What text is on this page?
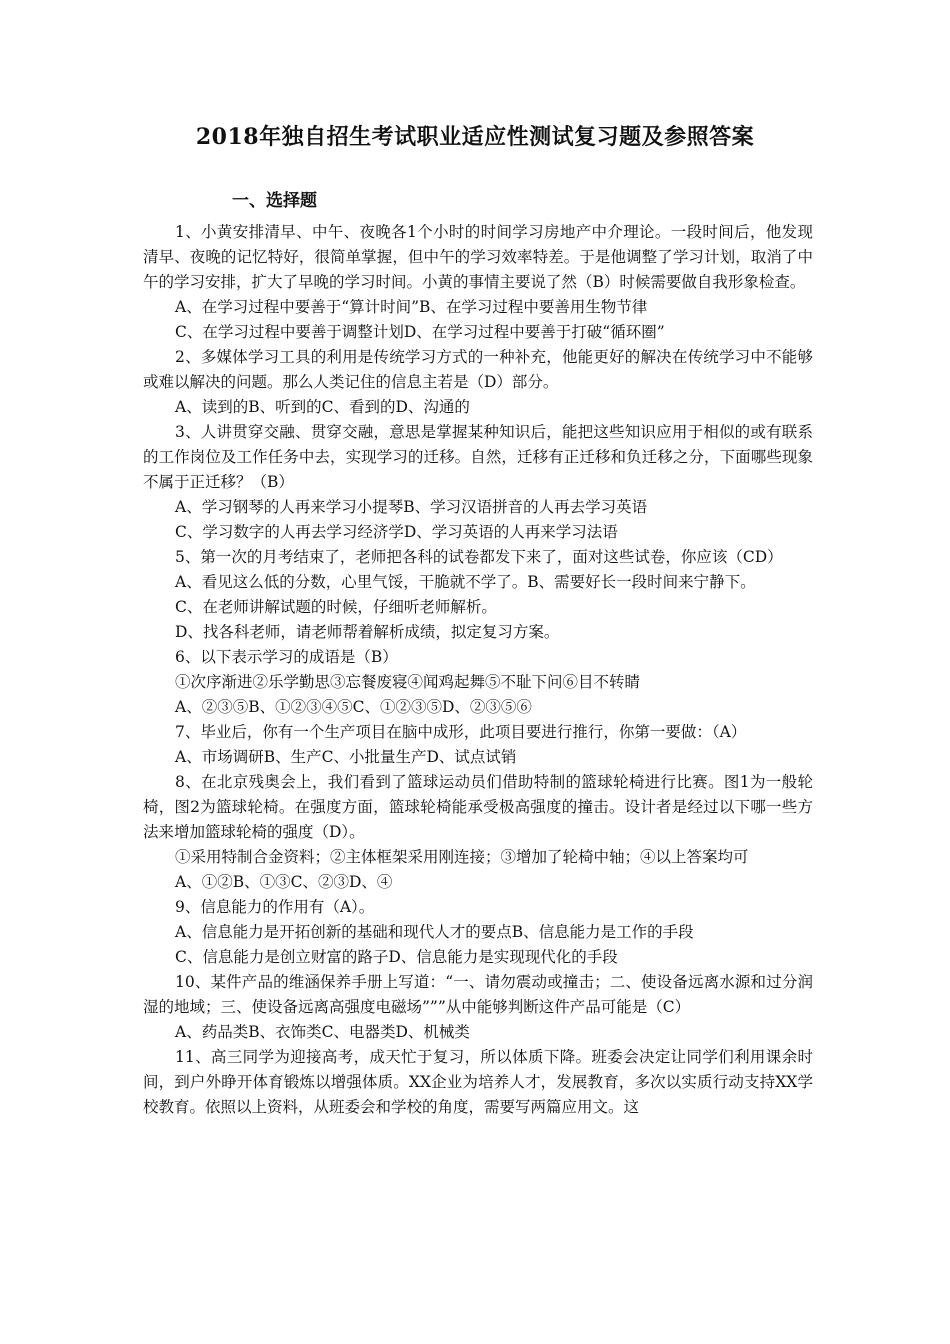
2018年独自招生考试职业适应性测试复习题及参照答案
一、选择题

1、小黄安排清早、中午、夜晚各1个小时的时间学习房地产中介理论。一段时间后，他发现清早、夜晚的记忆特好，很简单掌握，但中午的学习效率特差。于是他调整了学习计划，取消了中午的学习安排，扩大了早晚的学习时间。小黄的事情主要说了然（B）时候需要做自我形象检查。

A、在学习过程中要善于“算计时间”B、在学习过程中要善用生物节律

C、在学习过程中要善于调整计划D、在学习过程中要善于打破“循环圈”

2、多媒体学习工具的利用是传统学习方式的一种补充，他能更好的解决在传统学习中不能够或难以解决的问题。那么人类记住的信息主若是（D）部分。

A、读到的B、听到的C、看到的D、沟通的

3、人讲贯穿交融、贯穿交融，意思是掌握某种知识后，能把这些知识应用于相似的或有联系的工作岗位及工作任务中去，实现学习的迁移。自然，迁移有正迁移和负迁移之分，下面哪些现象不属于正迁移？（B）

A、学习钢琴的人再来学习小提琴B、学习汉语拼音的人再去学习英语

C、学习数字的人再去学习经济学D、学习英语的人再来学习法语

5、第一次的月考结束了，老师把各科的试卷都发下来了，面对这些试卷，你应该（CD）

A、看见这么低的分数，心里气馁，干脆就不学了。B、需要好长一段时间来宁静下。

C、在老师讲解试题的时候，仔细听老师解析。

D、找各科老师，请老师帮着解析成绩，拟定复习方案。

6、以下表示学习的成语是（B）

①次序渐进②乐学勤思③忘餐废寝④闻鸡起舞⑤不耻下问⑥目不转睛

A、②③⑤B、①②③④⑤C、①②③⑤D、②③⑤⑥

7、毕业后，你有一个生产项目在脑中成形，此项目要进行推行，你第一要做：（A）

A、市场调研B、生产C、小批量生产D、试点试销

8、在北京残奥会上，我们看到了篮球运动员们借助特制的篮球轮椅进行比赛。图1为一般轮椅，图2为篮球轮椅。在强度方面，篮球轮椅能承受极高强度的撞击。设计者是经过以下哪一些方法来增加篮球轮椅的强度（D）。

①采用特制合金资料；②主体框架采用刚连接；③增加了轮椅中轴；④以上答案均可

A、①②B、①③C、②③D、④

9、信息能力的作用有（A）。

A、信息能力是开拓创新的基础和现代人才的要点B、信息能力是工作的手段

C、信息能力是创立财富的路子D、信息能力是实现现代化的手段

10、某件产品的维涵保养手册上写道：“一、请勿震动或撞击；二、使设备远离水源和过分润湿的地域；三、使设备远离高强度电磁场”””从中能够判断这件产品可能是（C）

A、药品类B、衣饰类C、电器类D、机械类

11、高三同学为迎接高考，成天忙于复习，所以体质下降。班委会决定让同学们利用课余时间，到户外睁开体育锻炼以增强体质。XX企业为培养人才，发展教育，多次以实质行动支持XX学校教育。依照以上资料，从班委会和学校的角度，需要写两篇应用文。这
